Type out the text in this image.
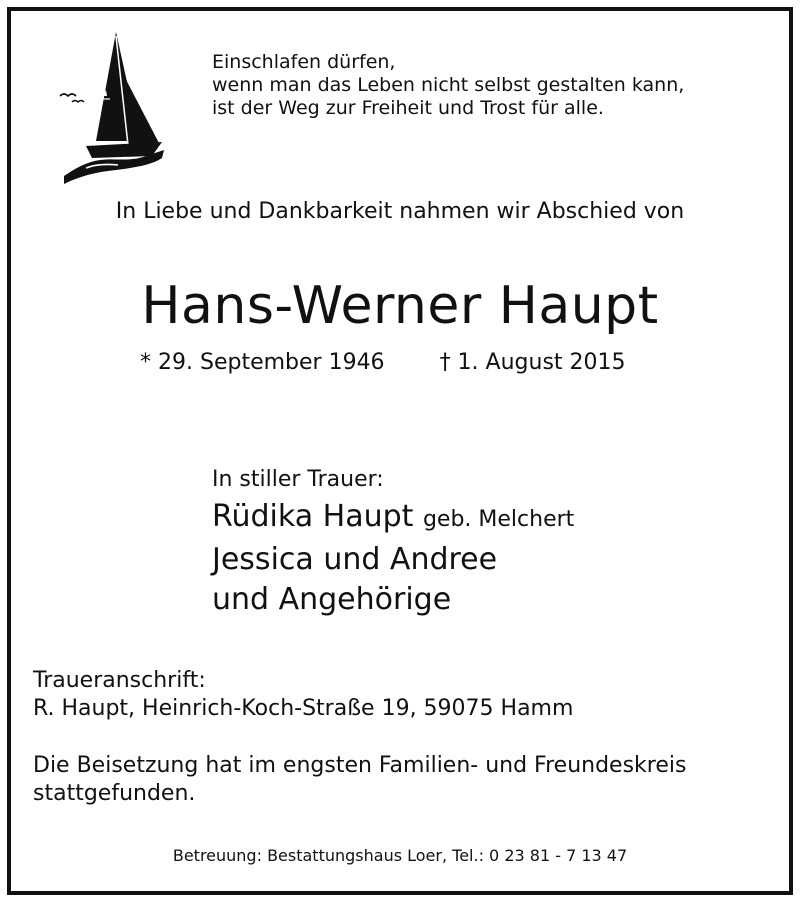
Einschlafen dürfen,
wenn man das Leben nicht selbst gestalten kann,
ist der Weg zur Freiheit und Trost für alle.
In Liebe und Dankbarkeit nahmen wir Abschied von
Hans-Werner Haupt
* 29. September 1946	† 1. August 2015
In stiller Trauer:
Rüdika Haupt geb. Melchert
Jessica und Andree
und Angehörige
Traueranschrift:
R. Haupt, Heinrich-Koch-Straße 19, 59075 Hamm
Die Beisetzung hat im engsten Familien- und Freundeskreis
stattgefunden.
Betreuung: Bestattungshaus Loer, Tel.: 0 23 81 - 7 13 47
